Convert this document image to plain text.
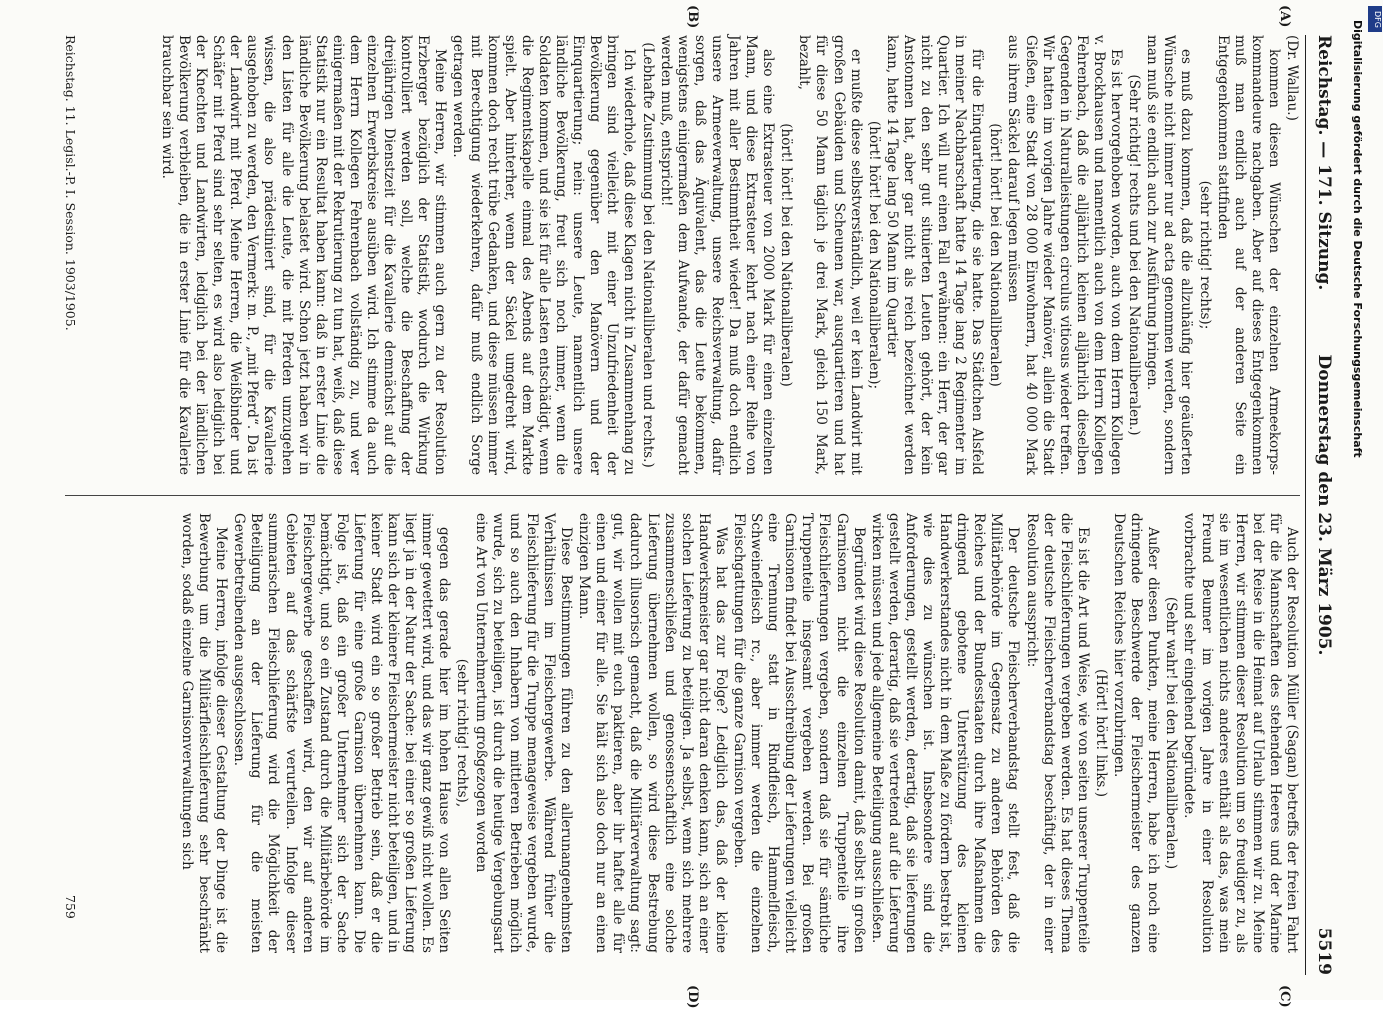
Reichstag. — 171. Sitzung.
Donnerstag den 23. März 1905.
5519
(A)
(B)
(C)
(D)

(Dr. Wallau.)

kommen diesen Wünschen der einzelnen Armeekorps-kommandeure nachgaben. Aber auf dieses Entgegenkommen muß man endlich auch auf der anderen Seite ein Entgegenkommen stattfinden

(sehr richtig! rechts);

es muß dazu kommen, daß die allzuhäufig hier geäußerten Wünsche nicht immer nur ad acta genommen werden, sondern man muß sie endlich auch zur Ausführung bringen.

(Sehr richtig! rechts und bei den Nationalliberalen.)

Es ist hervorgehoben worden, auch von dem Herrn Kollegen v. Brockhausen und namentlich auch von dem Herrn Kollegen Fehrenbach, daß die alljährlich kleinen alljährlich dieselben Gegenden in Naturalleistungen circulus vitiosus wieder treffen. Wir hatten im vorigen Jahre wieder Manöver, allein die Stadt Gießen, eine Stadt von 28 000 Einwohnern, hat 40 000 Mark aus ihrem Säckel darauf legen müssen

(hört! hört! bei den Nationalliberalen)

für die Einquartierung, die sie hatte. Das Städtchen Alsfeld in meiner Nachbarschaft hatte 14 Tage lang 2 Regimenter im Quartier. Ich will nur einen Fall erwähnen: ein Herr, der gar nicht zu den sehr gut situierten Leuten gehört, der kein Anstonnen hat, aber gar nicht als reich bezeichnet werden kann, hatte 14 Tage lang 50 Mann im Quartier

(hört! hört! bei den Nationalliberalen);

er mußte diese selbstverständlich, weil er kein Landwirt mit großen Gebäuden und Scheunen war, ausquartieren und hat für diese 50 Mann täglich je drei Mark, gleich 150 Mark, bezahlt,

(hört! hört! bei den Nationalliberalen)

also eine Extrasteuer von 2000 Mark für einen einzelnen Mann, und diese Extrasteuer kehrt nach einer Reihe von Jahren mit aller Bestimmtheit wieder! Da muß doch endlich unsere Armeeverwaltung, unsere Reichsverwaltung, dafür sorgen, daß das Äquivalent, das die Leute bekommen, wenigstens einigermaßen dem Aufwande, der dafür gemacht werden muß, entspricht!

(Lebhafte Zustimmung bei den Nationalliberalen und rechts.)

Ich wiederhole, daß diese Klagen nicht in Zusammenhang zu bringen sind vielleicht mit einer Unzufriedenheit der Bevölkerung gegenüber den Manövern und der Einquartierung; nein: unsere Leute, namentlich unsere ländliche Bevölkerung, freut sich noch immer, wenn die Soldaten kommen, und sie ist für alle Lasten entschädigt, wenn die Regimentskapelle einmal des Abends auf dem Markte spielt. Aber hinterher, wenn der Säckel umgedreht wird, kommen doch recht trübe Gedanken, und diese müssen immer mit Berechtigung wiederkehren, dafür muß endlich Sorge getragen werden.

Meine Herren, wir stimmen auch gern zu der Resolution Erzberger bezüglich der Statistik, wodurch die Wirkung kontrolliert werden soll, welche die Beschaffung der dreijährigen Dienstzeit für die Kavallerie demnächst auf die einzelnen Erwerbskreise ausüben wird. Ich stimme da auch dem Herrn Kollegen Fehrenbach vollständig zu, und wer einigermaßen mit der Rekrutierung zu tun hat, weiß, daß diese Statistik nur ein Resultat haben kann: daß in erster Linie die ländliche Bevölkerung belastet wird. Schon jetzt haben wir in den Listen für alle die Leute, die mit Pferden umzugehen wissen, die also prädestiniert sind, für die Kavallerie ausgehoben zu werden, den Vermerk: m. P., „mit Pferd“. Da ist der Landwirt mit Pferd. Meine Herren, die Weißbinder und Schäfer mit Pferd sind sehr selten, es wird also lediglich bei der Knechten und Landwirten, lediglich bei der ländlichen Bevölkerung verbleiben, die in erster Linie für die Kavallerie brauchbar sein wird.

Auch der Resolution Müller (Sagan) betreffs der freien Fahrt für die Mannschaften des stehenden Heeres und der Marine bei der Reise in die Heimat auf Urlaub stimmen wir zu. Meine Herren, wir stimmen dieser Resolution um so freudiger zu, als sie im wesentlichen nichts anderes enthält als das, was mein Freund Beumer im vorigen Jahre in einer Resolution vorbrachte und sehr eingehend begründete.

(Sehr wahr! bei den Nationalliberalen.)

Außer diesen Punkten, meine Herren, habe ich noch eine dringende Beschwerde der Fleischermeister des ganzen Deutschen Reiches hier vorzubringen.

(Hört! hört! links.)

Es ist die Art und Weise, wie von seiten unserer Truppenteile die Fleischlieferungen vergeben werden. Es hat dieses Thema der deutsche Fleischerverbandstag beschäftigt, der in einer Resolution ausspricht:

Der deutsche Fleischerverbandstag stellt fest, daß die Militärbehörde im Gegensatz zu anderen Behörden des Reiches und der Bundesstaaten durch ihre Maßnahmen die dringend gebotene Unterstützung des kleinen Handwerkerstandes nicht in dem Maße zu fördern bestrebt ist, wie dies zu wünschen ist. Insbesondere sind die Anforderungen, gestellt werden, derartig, daß sie lieferungen gestellt werden, derartig, daß sie vertretend auf die Lieferung wirken müssen und jede allgemeine Beteiligung ausschließen.

Begründet wird diese Resolution damit, daß selbst in großen Garnisonen nicht die einzelnen Truppenteile ihre Fleischlieferungen vergeben, sondern daß sie für sämtliche Truppenteile insgesamt vergeben werden. Bei großen Garnisonen findet bei Ausschreibung der Lieferungen vielleicht eine Trennung statt in Rindfleisch, Hammelfleisch, Schweinefleisch rc., aber immer werden die einzelnen Fleischgattungen für die ganze Garnison vergeben.

Was hat das zur Folge? Lediglich das, daß der kleine Handwerksmeister gar nicht daran denken kann, sich an einer solchen Lieferung zu beteiligen. Ja selbst, wenn sich mehrere zusammenschließen und genossenschaftlich eine solche Lieferung übernehmen wollen, so wird diese Bestrebung dadurch illusorisch gemacht, daß die Militärverwaltung sagt: gut, wir wollen mit euch paktieren, aber ihr haftet alle für einen und einer für alle. Sie hält sich also doch nur an einen einzigen Mann.

Diese Bestimmungen führen zu den allerunangenehmsten Verhältnissen im Fleischergewerbe. Während früher die Fleischlieferung für die Truppe menageweise vergeben wurde, und so auch den Inhabern von mittleren Betrieben möglich wurde, sich zu beteiligen, ist durch die heutige Vergebungsart eine Art von Unternehmertum großgezogen worden

(sehr richtig! rechts),

gegen das gerade hier im hohen Hause von allen Seiten immer gewettert wird, und das wir ganz gewiß nicht wollen. Es liegt ja in der Natur der Sache: bei einer so großen Lieferung kann sich der kleinere Fleischermeister nicht beteiligen, und in keiner Stadt wird ein so großer Betrieb sein, daß er die Lieferung für eine große Garnison übernehmen kann. Die Folge ist, daß ein großer Unternehmer sich der Sache bemächtigt, und so ein Zustand durch die Militärbehörde im Fleischergewerbe geschaffen wird, den wir auf anderen Gebieten auf das schärfste verurteilen. Infolge dieser summarischen Fleischlieferung wird die Möglichkeit der Beteiligung an der Lieferung für die meisten Gewerbetreibenden ausgeschlossen.

Meine Herren, infolge dieser Gestaltung der Dinge ist die Bewerbung um die Militärfleischlieferung sehr beschränkt worden, sodaß einzelne Garnisonverwaltungen sich

Reichstag. 11. Legisl.-P. I. Session. 1903/1905.
759
DFG
Digitalisierung gefördert durch die Deutsche Forschungsgemeinschaft
